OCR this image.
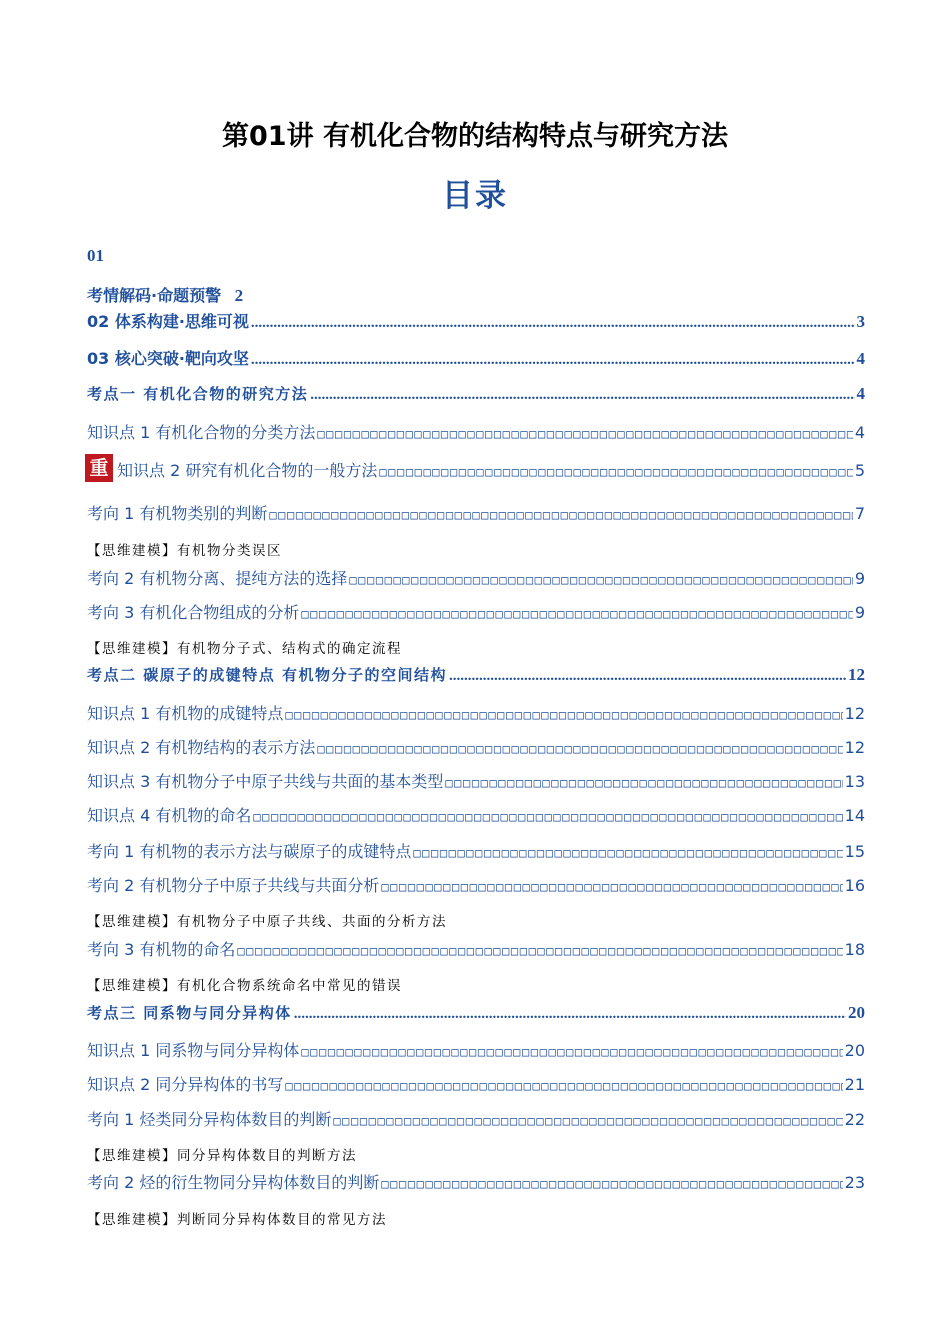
第01讲 有机化合物的结构特点与研究方法
目录
01
考情解码·命题预警 2
02 体系构建·思维可视 .....	3
03 核心突破·靶向攻坚 .....	4
考点一 有机化合物的研究方法 .....	4
知识点 1 有机化合物的分类方法 □□□□□□□□□□□□□□□□□□□□□□□□□□□□□□□□□□□□□□□□□□□□□□□□□□□□□□□□□□□□□□□□□□□□□□□□□□□□□□□□□□□□□□□□□□□□□□□□□□□□□□	4
重 知识点 2 研究有机化合物的一般方法 □□□□□□□□□□□□□□□□□□□□□□□□□□□□□□□□□□□□□□□□□□□□□□□□□□□□□□□□□□□□□□□□□□□□□□□□□□□□□□□□□□□□□□□□□□□□□□□□□□□□□□	5
考向 1 有机物类别的判断 □□□□□□□□□□□□□□□□□□□□□□□□□□□□□□□□□□□□□□□□□□□□□□□□□□□□□□□□□□□□□□□□□□□□□□□□□□□□□□□□□□□□□□□□□□□□□□□□□□□□□□	7
【思维建模】有机物分类误区
考向 2 有机物分离、提纯方法的选择 □□□□□□□□□□□□□□□□□□□□□□□□□□□□□□□□□□□□□□□□□□□□□□□□□□□□□□□□□□□□□□□□□□□□□□□□□□□□□□□□□□□□□□□□□□□□□□□□□□□□□□	9
考向 3 有机化合物组成的分析 □□□□□□□□□□□□□□□□□□□□□□□□□□□□□□□□□□□□□□□□□□□□□□□□□□□□□□□□□□□□□□□□□□□□□□□□□□□□□□□□□□□□□□□□□□□□□□□□□□□□□□	9
【思维建模】有机物分子式、结构式的确定流程
考点二 碳原子的成键特点 有机物分子的空间结构 .....	12
知识点 1 有机物的成键特点 □□□□□□□□□□□□□□□□□□□□□□□□□□□□□□□□□□□□□□□□□□□□□□□□□□□□□□□□□□□□□□□□□□□□□□□□□□□□□□□□□□□□□□□□□□□□□□□□□□□□□□	12
知识点 2 有机物结构的表示方法 □□□□□□□□□□□□□□□□□□□□□□□□□□□□□□□□□□□□□□□□□□□□□□□□□□□□□□□□□□□□□□□□□□□□□□□□□□□□□□□□□□□□□□□□□□□□□□□□□□□□□□	12
知识点 3 有机物分子中原子共线与共面的基本类型 □□□□□□□□□□□□□□□□□□□□□□□□□□□□□□□□□□□□□□□□□□□□□□□□□□□□□□□□□□□□□□□□□□□□□□□□□□□□□□□□□□□□□□□□□□□□□□□□□□□□□□	13
知识点 4 有机物的命名 □□□□□□□□□□□□□□□□□□□□□□□□□□□□□□□□□□□□□□□□□□□□□□□□□□□□□□□□□□□□□□□□□□□□□□□□□□□□□□□□□□□□□□□□□□□□□□□□□□□□□□	14
考向 1 有机物的表示方法与碳原子的成键特点 □□□□□□□□□□□□□□□□□□□□□□□□□□□□□□□□□□□□□□□□□□□□□□□□□□□□□□□□□□□□□□□□□□□□□□□□□□□□□□□□□□□□□□□□□□□□□□□□□□□□□□	15
考向 2 有机物分子中原子共线与共面分析 □□□□□□□□□□□□□□□□□□□□□□□□□□□□□□□□□□□□□□□□□□□□□□□□□□□□□□□□□□□□□□□□□□□□□□□□□□□□□□□□□□□□□□□□□□□□□□□□□□□□□□	16
【思维建模】有机物分子中原子共线、共面的分析方法
考向 3 有机物的命名 □□□□□□□□□□□□□□□□□□□□□□□□□□□□□□□□□□□□□□□□□□□□□□□□□□□□□□□□□□□□□□□□□□□□□□□□□□□□□□□□□□□□□□□□□□□□□□□□□□□□□□	18
【思维建模】有机化合物系统命名中常见的错误
考点三 同系物与同分异构体 .....	20
知识点 1 同系物与同分异构体 □□□□□□□□□□□□□□□□□□□□□□□□□□□□□□□□□□□□□□□□□□□□□□□□□□□□□□□□□□□□□□□□□□□□□□□□□□□□□□□□□□□□□□□□□□□□□□□□□□□□□□	20
知识点 2 同分异构体的书写 □□□□□□□□□□□□□□□□□□□□□□□□□□□□□□□□□□□□□□□□□□□□□□□□□□□□□□□□□□□□□□□□□□□□□□□□□□□□□□□□□□□□□□□□□□□□□□□□□□□□□□	21
考向 1 烃类同分异构体数目的判断 □□□□□□□□□□□□□□□□□□□□□□□□□□□□□□□□□□□□□□□□□□□□□□□□□□□□□□□□□□□□□□□□□□□□□□□□□□□□□□□□□□□□□□□□□□□□□□□□□□□□□□	22
【思维建模】同分异构体数目的判断方法
考向 2 烃的衍生物同分异构体数目的判断 □□□□□□□□□□□□□□□□□□□□□□□□□□□□□□□□□□□□□□□□□□□□□□□□□□□□□□□□□□□□□□□□□□□□□□□□□□□□□□□□□□□□□□□□□□□□□□□□□□□□□□	23
【思维建模】判断同分异构体数目的常见方法
